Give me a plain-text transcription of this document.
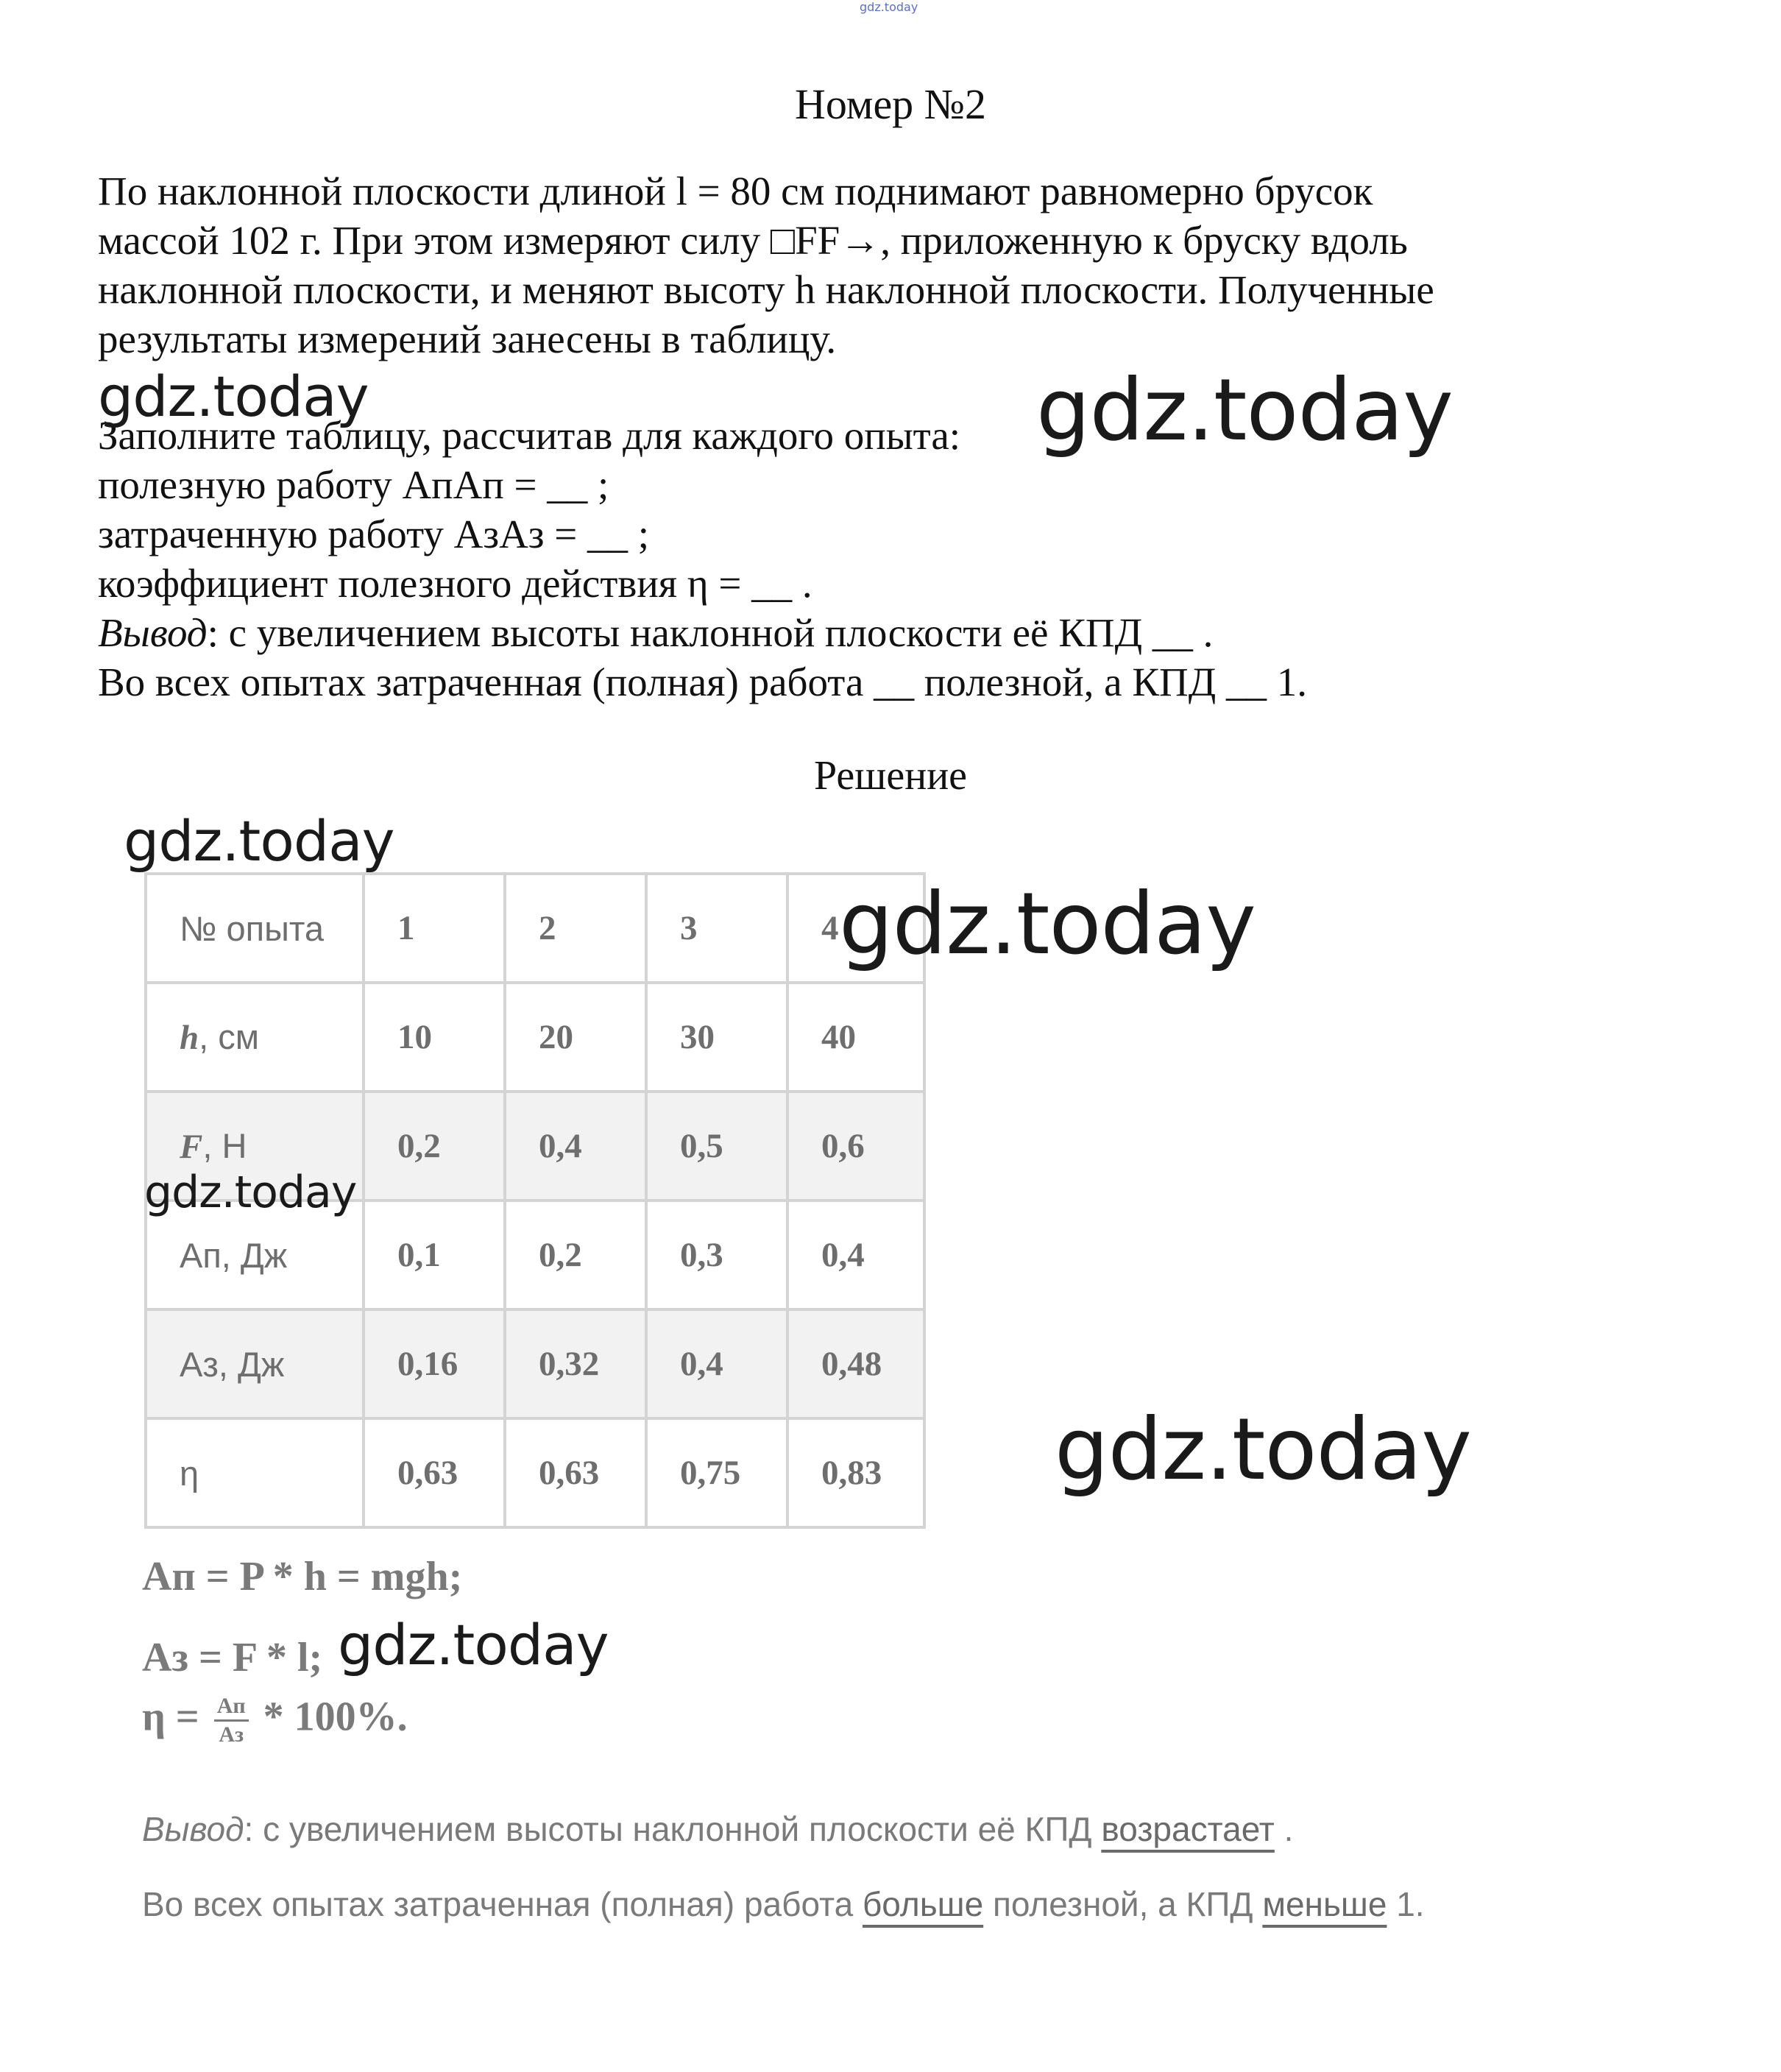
gdz.today
Номер №2

По наклонной плоскости длиной l = 80 см поднимают равномерно брусок

массой 102 г. При этом измеряют силу □FF→, приложенную к бруску вдоль

наклонной плоскости, и меняют высоту h наклонной плоскости. Полученные

результаты измерений занесены в таблицу.

Заполните таблицу, рассчитав для каждого опыта:

полезную работу АпАп = __ ;

затраченную работу АзАз = __ ;

коэффициент полезного действия η = __ .

Вывод: с увеличением высоты наклонной плоскости её КПД __ .

Во всех опытах затраченная (полная) работа __ полезной, а КПД __ 1.

Решение
№ опыта	1	2	3	4
h, см	10	20	30	40
F, Н	0,2	0,4	0,5	0,6
Ап, Дж	0,1	0,2	0,3	0,4
Аз, Дж	0,16	0,32	0,4	0,48
η	0,63	0,63	0,75	0,83
Ап = P * h = mgh;
Аз = F * l;
$\eta = \frac{Ап}{Аз} * 100\%$.
Вывод: с увеличением высоты наклонной плоскости её КПД возрастает .
Во всех опытах затраченная (полная) работа больше полезной, а КПД меньше 1.
gdz.today	gdz.today
gdz.today
gdz.today
gdz.today
gdz.today
gdz.today
